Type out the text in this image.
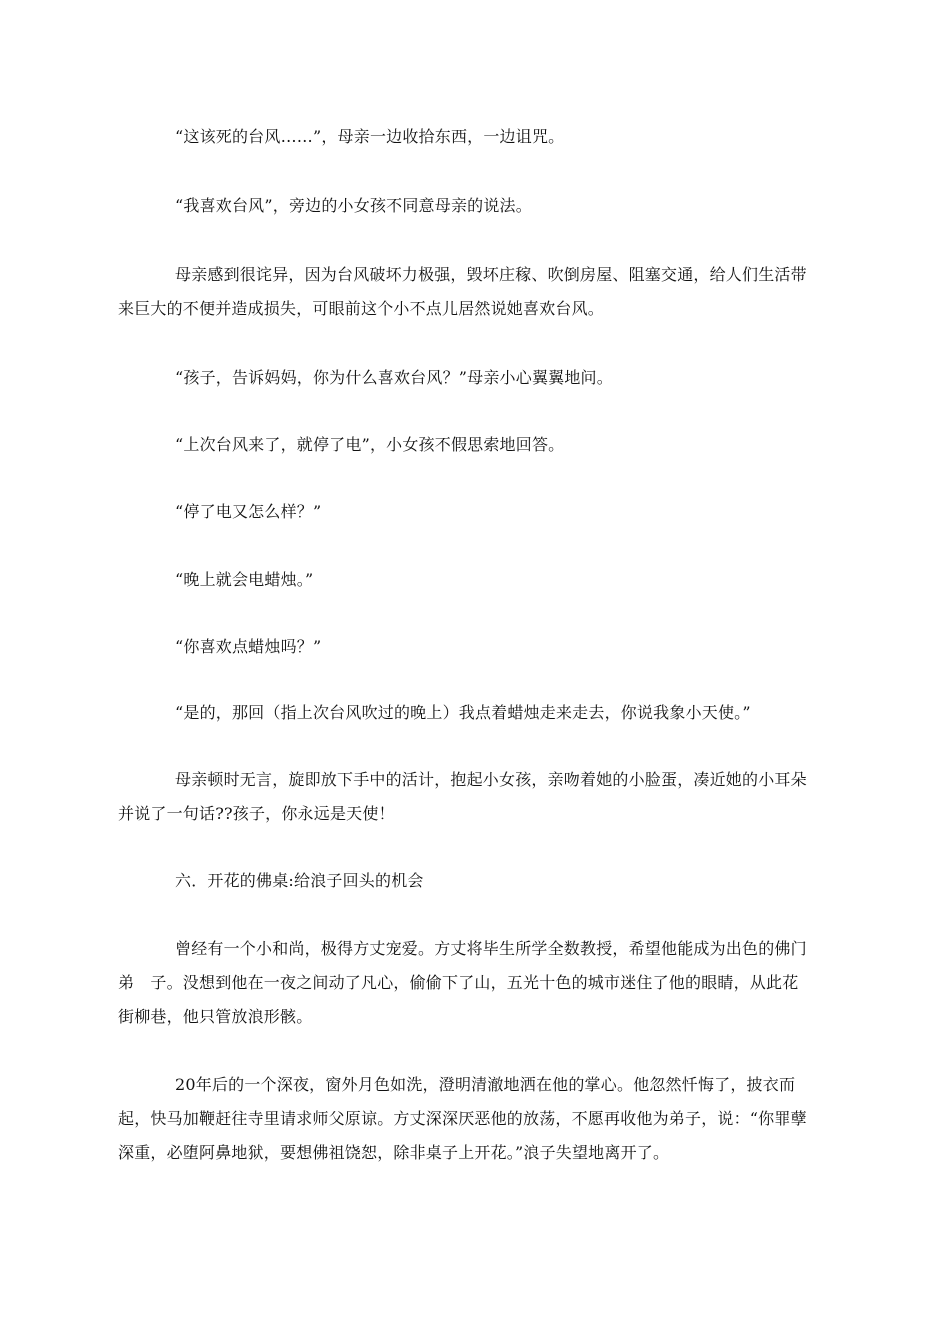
“这该死的台风……”，母亲一边收拾东西，一边诅咒。

“我喜欢台风”，旁边的小女孩不同意母亲的说法。

母亲感到很诧异，因为台风破坏力极强，毁坏庄稼、吹倒房屋、阻塞交通，给人们生活带来巨大的不便并造成损失，可眼前这个小不点儿居然说她喜欢台风。

“孩子，告诉妈妈，你为什么喜欢台风？”母亲小心翼翼地问。

“上次台风来了，就停了电”，小女孩不假思索地回答。

“停了电又怎么样？”

“晚上就会电蜡烛。”

“你喜欢点蜡烛吗？”

“是的，那回（指上次台风吹过的晚上）我点着蜡烛走来走去，你说我象小天使。”

母亲顿时无言，旋即放下手中的活计，抱起小女孩，亲吻着她的小脸蛋，凑近她的小耳朵并说了一句话??孩子，你永远是天使！

六．开花的佛桌:给浪子回头的机会

曾经有一个小和尚，极得方丈宠爱。方丈将毕生所学全数教授，希望他能成为出色的佛门弟　子。没想到他在一夜之间动了凡心，偷偷下了山，五光十色的城市迷住了他的眼睛，从此花街柳巷，他只管放浪形骸。

20年后的一个深夜，窗外月色如洗，澄明清澈地洒在他的掌心。他忽然忏悔了，披衣而起，快马加鞭赶往寺里请求师父原谅。方丈深深厌恶他的放荡，不愿再收他为弟子，说：“你罪孽深重，必堕阿鼻地狱，要想佛祖饶恕，除非桌子上开花。”浪子失望地离开了。
